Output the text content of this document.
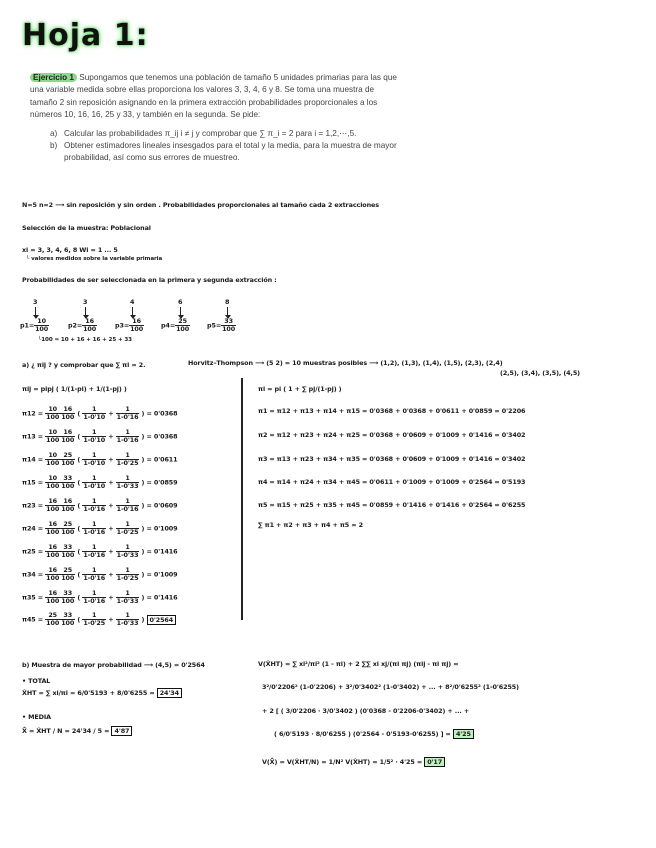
Hoja 1:
Ejercicio 1 Supongamos que tenemos una población de tamaño 5 unidades primarias para las que una variable medida sobre ellas proporciona los valores 3, 3, 4, 6 y 8. Se toma una muestra de tamaño 2 sin reposición asignando en la primera extracción probabilidades proporcionales a los números 10, 16, 16, 25 y 33, y también en la segunda. Se pide:
a) Calcular las probabilidades π_ij i ≠ j y comprobar que ∑ π_i = 2 para i = 1,2,⋯,5.
b) Obtener estimadores lineales insesgados para el total y la media, para la muestra de mayor probabilidad, así como sus errores de muestreo.
N=5 n=2 ⟶ sin reposición y sin orden . Probabilidades proporcionales al tamaño cada 2 extracciones
Selección de la muestra: Poblacional
xi = 3, 3, 4, 6, 8 Wi = 1 ... 5
└ valores medidos sobre la variable primaria
Probabilidades de ser seleccionada en la primera y segunda extracción :
3	3	4	6	8
$p1= \frac{10}{100}$	$p2= \frac{16}{100}$	$p3= \frac{16}{100}$	$p4= \frac{25}{100}$	$p5= \frac{33}{100}$
└100 = 10 + 16 + 16 + 25 + 33
a) ¿ πij ? y comprobar que ∑ πi = 2.	Horvitz–Thompson ⟶ (5 2) = 10 muestras posibles ⟶ (1,2), (1,3), (1,4), (1,5), (2,3), (2,4)
(2,5), (3,4), (3,5), (4,5)
πij = pipj ( 1/(1-pi) + 1/(1-pj) )
$\pi 12 = \frac{10}{100} \frac{16}{100}$ ( $\frac{1}{1-0'10} + \frac{1}{1-0'16}$ ) = 0'0368
$\pi 13 = \frac{10}{100} \frac{16}{100}$ ( $\frac{1}{1-0'10} + \frac{1}{1-0'16}$ ) = 0'0368
$\pi 14 = \frac{10}{100} \frac{25}{100}$ ( $\frac{1}{1-0'10} + \frac{1}{1-0'25}$ ) = 0'0611
$\pi 15 = \frac{10}{100} \frac{33}{100}$ ( $\frac{1}{1-0'10} + \frac{1}{1-0'33}$ ) = 0'0859
$\pi 23 = \frac{16}{100} \frac{16}{100}$ ( $\frac{1}{1-0'16} + \frac{1}{1-0'16}$ ) = 0'0609
$\pi 24 = \frac{16}{100} \frac{25}{100}$ ( $\frac{1}{1-0'16} + \frac{1}{1-0'25}$ ) = 0'1009
$\pi 25 = \frac{16}{100} \frac{33}{100}$ ( $\frac{1}{1-0'16} + \frac{1}{1-0'33}$ ) = 0'1416
$\pi 34 = \frac{16}{100} \frac{25}{100}$ ( $\frac{1}{1-0'16} + \frac{1}{1-0'25}$ ) = 0'1009
$\pi 35 = \frac{16}{100} \frac{33}{100}$ ( $\frac{1}{1-0'16} + \frac{1}{1-0'33}$ ) = 0'1416
$\pi 45 = \frac{25}{100} \frac{33}{100}$ ( $\frac{1}{1-0'25} + \frac{1}{1-0'33}$ ) 0'2564
πi = pi ( 1 + ∑ pj/(1-pj) )
π1 = π12 + π13 + π14 + π15 = 0'0368 + 0'0368 + 0'0611 + 0'0859 = 0'2206
π2 = π12 + π23 + π24 + π25 = 0'0368 + 0'0609 + 0'1009 + 0'1416 = 0'3402
π3 = π13 + π23 + π34 + π35 = 0'0368 + 0'0609 + 0'1009 + 0'1416 = 0'3402
π4 = π14 + π24 + π34 + π45 = 0'0611 + 0'1009 + 0'1009 + 0'2564 = 0'5193
π5 = π15 + π25 + π35 + π45 = 0'0859 + 0'1416 + 0'1416 + 0'2564 = 0'6255
∑ π1 + π2 + π3 + π4 + π5 = 2
b) Muestra de mayor probabilidad ⟶ (4,5) = 0'2564
• TOTAL
X̂HT = ∑ xi/πi = 6/0'5193 + 8/0'6255 = 24'34
• MEDIA
X̄̂ = X̂HT / N = 24'34 / 5 = 4'87
V(X̂HT) = ∑ xi²/πi² (1 - πi) + 2 ∑∑ xi xj/(πi πj) (πij - πi πj) =
3²/0'2206² (1-0'2206) + 3²/0'3402² (1-0'3402) + ... + 8²/0'6255² (1-0'6255)
+ 2 [ ( 3/0'2206 · 3/0'3402 ) (0'0368 - 0'2206·0'3402) + ... +
( 6/0'5193 · 8/0'6255 ) (0'2564 - 0'5193·0'6255) ] = 4'25
V(X̄̂) = V(X̂HT/N) = 1/N² V(X̂HT) = 1/5² · 4'25 = 0'17
